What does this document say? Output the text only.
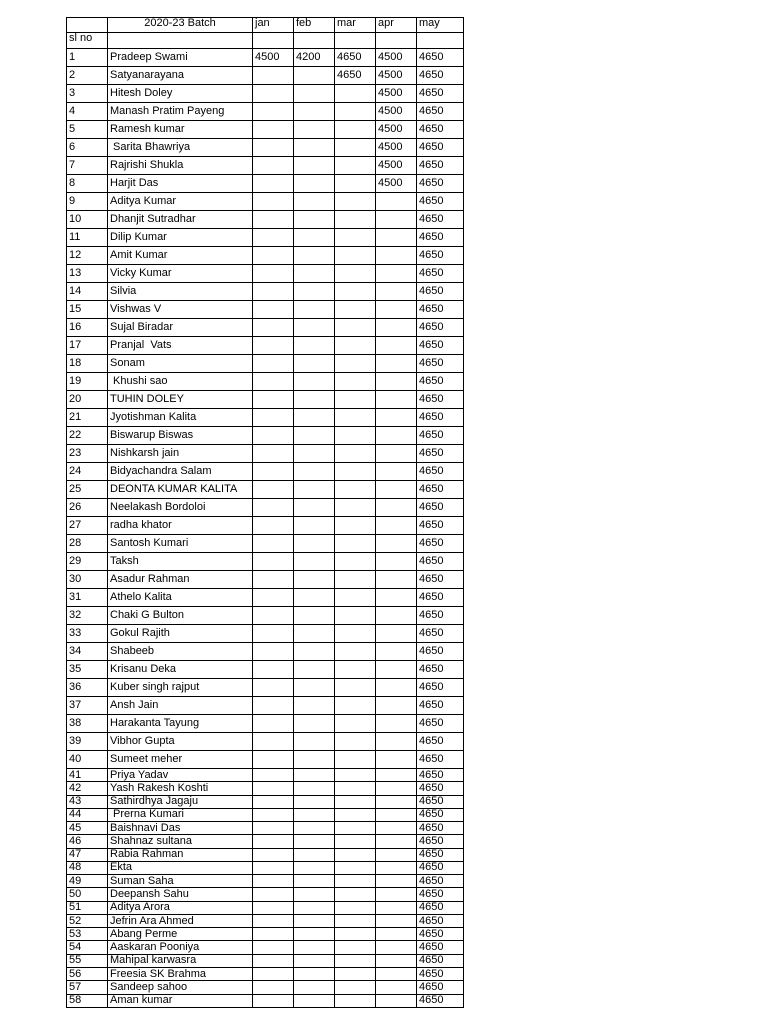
	2020-23 Batch	jan	feb	mar	apr	may
sl no						
1	Pradeep Swami	4500	4200	4650	4500	4650
2	Satyanarayana			4650	4500	4650
3	Hitesh Doley				4500	4650
4	Manash Pratim Payeng				4500	4650
5	Ramesh kumar				4500	4650
6	Sarita Bhawriya				4500	4650
7	Rajrishi Shukla				4500	4650
8	Harjit Das				4500	4650
9	Aditya Kumar					4650
10	Dhanjit Sutradhar					4650
11	Dilip Kumar					4650
12	Amit Kumar					4650
13	Vicky Kumar					4650
14	Silvia					4650
15	Vishwas V					4650
16	Sujal Biradar					4650
17	Pranjal  Vats					4650
18	Sonam					4650
19	Khushi sao					4650
20	TUHIN DOLEY					4650
21	Jyotishman Kalita					4650
22	Biswarup Biswas					4650
23	Nishkarsh jain					4650
24	Bidyachandra Salam					4650
25	DEONTA KUMAR KALITA					4650
26	Neelakash Bordoloi					4650
27	radha khator					4650
28	Santosh Kumari					4650
29	Taksh					4650
30	Asadur Rahman					4650
31	Athelo Kalita					4650
32	Chaki G Bulton					4650
33	Gokul Rajith					4650
34	Shabeeb					4650
35	Krisanu Deka					4650
36	Kuber singh rajput					4650
37	Ansh Jain					4650
38	Harakanta Tayung					4650
39	Vibhor Gupta					4650
40	Sumeet meher					4650
41	Priya Yadav					4650
42	Yash Rakesh Koshti					4650
43	Sathirdhya Jagaju					4650
44	Prerna Kumari					4650
45	Baishnavi Das					4650
46	Shahnaz sultana					4650
47	Rabia Rahman					4650
48	Ekta					4650
49	Suman Saha					4650
50	Deepansh Sahu					4650
51	Aditya Arora					4650
52	Jefrin Ara Ahmed					4650
53	Abang Perme					4650
54	Aaskaran Pooniya					4650
55	Mahipal karwasra					4650
56	Freesia SK Brahma					4650
57	Sandeep sahoo					4650
58	Aman kumar					4650
